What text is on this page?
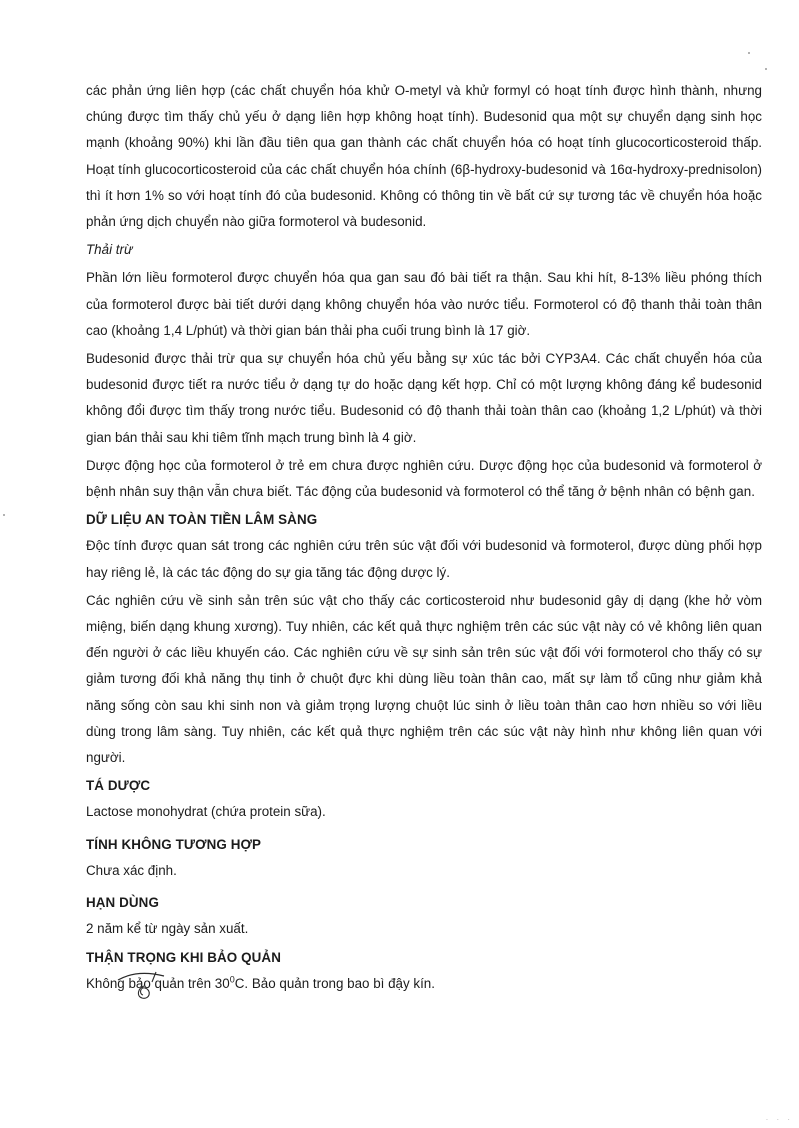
các phản ứng liên hợp (các chất chuyển hóa khử O-metyl và khử formyl có hoạt tính được hình thành, nhưng chúng được tìm thấy chủ yếu ở dạng liên hợp không hoạt tính). Budesonid qua một sự chuyển dạng sinh học mạnh (khoảng 90%) khi lần đầu tiên qua gan thành các chất chuyển hóa có hoạt tính glucocorticosteroid thấp. Hoạt tính glucocorticosteroid của các chất chuyển hóa chính (6β-hydroxy-budesonid và 16α-hydroxy-prednisolon) thì ít hơn 1% so với hoạt tính đó của budesonid. Không có thông tin về bất cứ sự tương tác về chuyển hóa hoặc phản ứng dịch chuyển nào giữa formoterol và budesonid.

Thải trừ

Phần lớn liều formoterol được chuyển hóa qua gan sau đó bài tiết ra thận. Sau khi hít, 8-13% liều phóng thích của formoterol được bài tiết dưới dạng không chuyển hóa vào nước tiểu. Formoterol có độ thanh thải toàn thân cao (khoảng 1,4 L/phút) và thời gian bán thải pha cuối trung bình là 17 giờ.

Budesonid được thải trừ qua sự chuyển hóa chủ yếu bằng sự xúc tác bởi CYP3A4. Các chất chuyển hóa của budesonid được tiết ra nước tiểu ở dạng tự do hoặc dạng kết hợp. Chỉ có một lượng không đáng kể budesonid không đổi được tìm thấy trong nước tiểu. Budesonid có độ thanh thải toàn thân cao (khoảng 1,2 L/phút) và thời gian bán thải sau khi tiêm tĩnh mạch trung bình là 4 giờ.

Dược động học của formoterol ở trẻ em chưa được nghiên cứu. Dược động học của budesonid và formoterol ở bệnh nhân suy thận vẫn chưa biết. Tác động của budesonid và formoterol có thể tăng ở bệnh nhân có bệnh gan.

DỮ LIỆU AN TOÀN TIỀN LÂM SÀNG

Độc tính được quan sát trong các nghiên cứu trên súc vật đối với budesonid và formoterol, được dùng phối hợp hay riêng lẻ, là các tác động do sự gia tăng tác động dược lý.

Các nghiên cứu về sinh sản trên súc vật cho thấy các corticosteroid như budesonid gây dị dạng (khe hở vòm miệng, biến dạng khung xương). Tuy nhiên, các kết quả thực nghiệm trên các súc vật này có vẻ không liên quan đến người ở các liều khuyến cáo. Các nghiên cứu về sự sinh sản trên súc vật đối với formoterol cho thấy có sự giảm tương đối khả năng thụ tinh ở chuột đực khi dùng liều toàn thân cao, mất sự làm tổ cũng như giảm khả năng sống còn sau khi sinh non và giảm trọng lượng chuột lúc sinh ở liều toàn thân cao hơn nhiều so với liều dùng trong lâm sàng. Tuy nhiên, các kết quả thực nghiệm trên các súc vật này hình như không liên quan với người.

TÁ DƯỢC

Lactose monohydrat (chứa protein sữa).

TÍNH KHÔNG TƯƠNG HỢP

Chưa xác định.

HẠN DÙNG

2 năm kể từ ngày sản xuất.

THẬN TRỌNG KHI BẢO QUẢN

Không bảo quản trên $30^0C$. Bảo quản trong bao bì đậy kín.

· · ·
